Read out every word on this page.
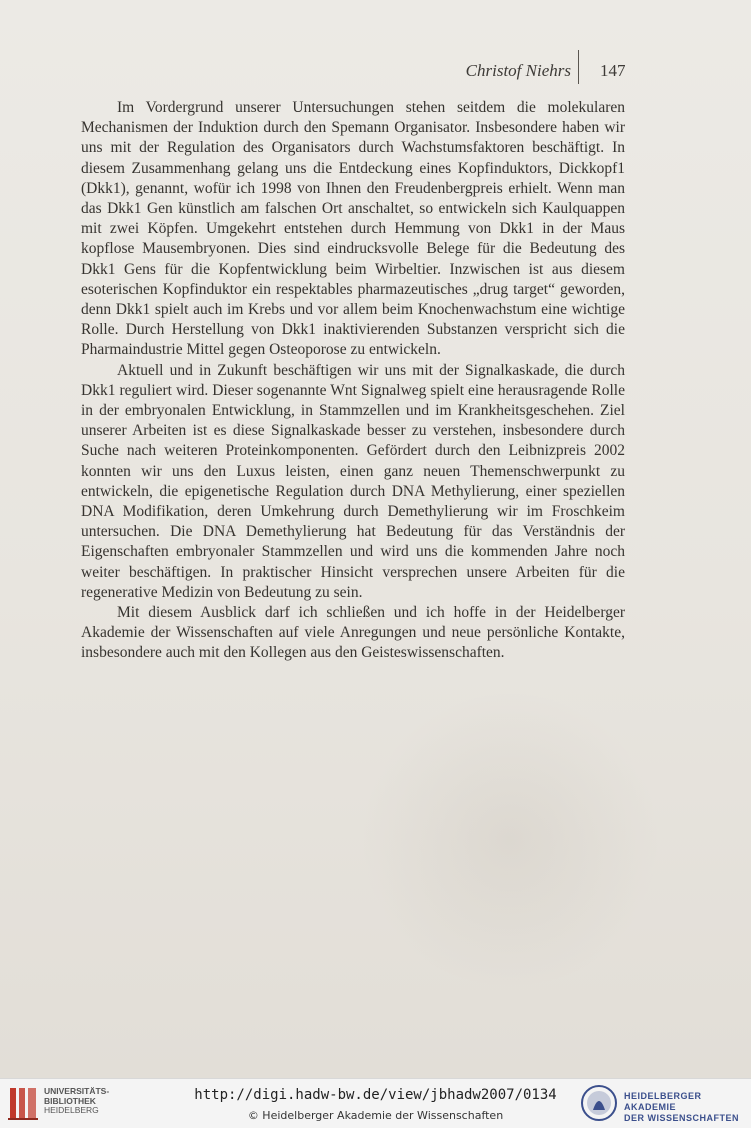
Christof Niehrs 147

Im Vordergrund unserer Untersuchungen stehen seitdem die molekularen Mechanismen der Induktion durch den Spemann Organisator. Insbesondere haben wir uns mit der Regulation des Organisators durch Wachstumsfaktoren beschäftigt. In diesem Zusammenhang gelang uns die Entdeckung eines Kopfinduktors, Dickkopf1 (Dkk1), genannt, wofür ich 1998 von Ihnen den Freudenbergpreis erhielt. Wenn man das Dkk1 Gen künstlich am falschen Ort anschaltet, so entwickeln sich Kaulquappen mit zwei Köpfen. Umgekehrt entstehen durch Hemmung von Dkk1 in der Maus kopflose Mausembryonen. Dies sind eindrucksvolle Belege für die Bedeutung des Dkk1 Gens für die Kopfentwicklung beim Wirbeltier. Inzwischen ist aus diesem esoterischen Kopfinduktor ein respektables pharmazeutisches „drug target“ geworden, denn Dkk1 spielt auch im Krebs und vor allem beim Knochenwachstum eine wichtige Rolle. Durch Herstellung von Dkk1 inaktivierenden Substanzen verspricht sich die Pharmaindustrie Mittel gegen Osteoporose zu entwickeln.

Aktuell und in Zukunft beschäftigen wir uns mit der Signalkaskade, die durch Dkk1 reguliert wird. Dieser sogenannte Wnt Signalweg spielt eine herausragende Rolle in der embryonalen Entwicklung, in Stammzellen und im Krankheitsgeschehen. Ziel unserer Arbeiten ist es diese Signalkaskade besser zu verstehen, insbesondere durch Suche nach weiteren Proteinkomponenten. Gefördert durch den Leibnizpreis 2002 konnten wir uns den Luxus leisten, einen ganz neuen Themenschwerpunkt zu entwickeln, die epigenetische Regulation durch DNA Methylierung, einer speziellen DNA Modifikation, deren Umkehrung durch Demethylierung wir im Froschkeim untersuchen. Die DNA Demethylierung hat Bedeutung für das Verständnis der Eigenschaften embryonaler Stammzellen und wird uns die kommenden Jahre noch weiter beschäftigen. In praktischer Hinsicht versprechen unsere Arbeiten für die regenerative Medizin von Bedeutung zu sein.

Mit diesem Ausblick darf ich schließen und ich hoffe in der Heidelberger Akademie der Wissenschaften auf viele Anregungen und neue persönliche Kontakte, insbesondere auch mit den Kollegen aus den Geisteswissenschaften.

UNIVERSITÄTS-
BIBLIOTHEK
HEIDELBERG
http://digi.hadw-bw.de/view/jbhadw2007/0134
© Heidelberger Akademie der Wissenschaften
HEIDELBERGER AKADEMIE
DER WISSENSCHAFTEN
